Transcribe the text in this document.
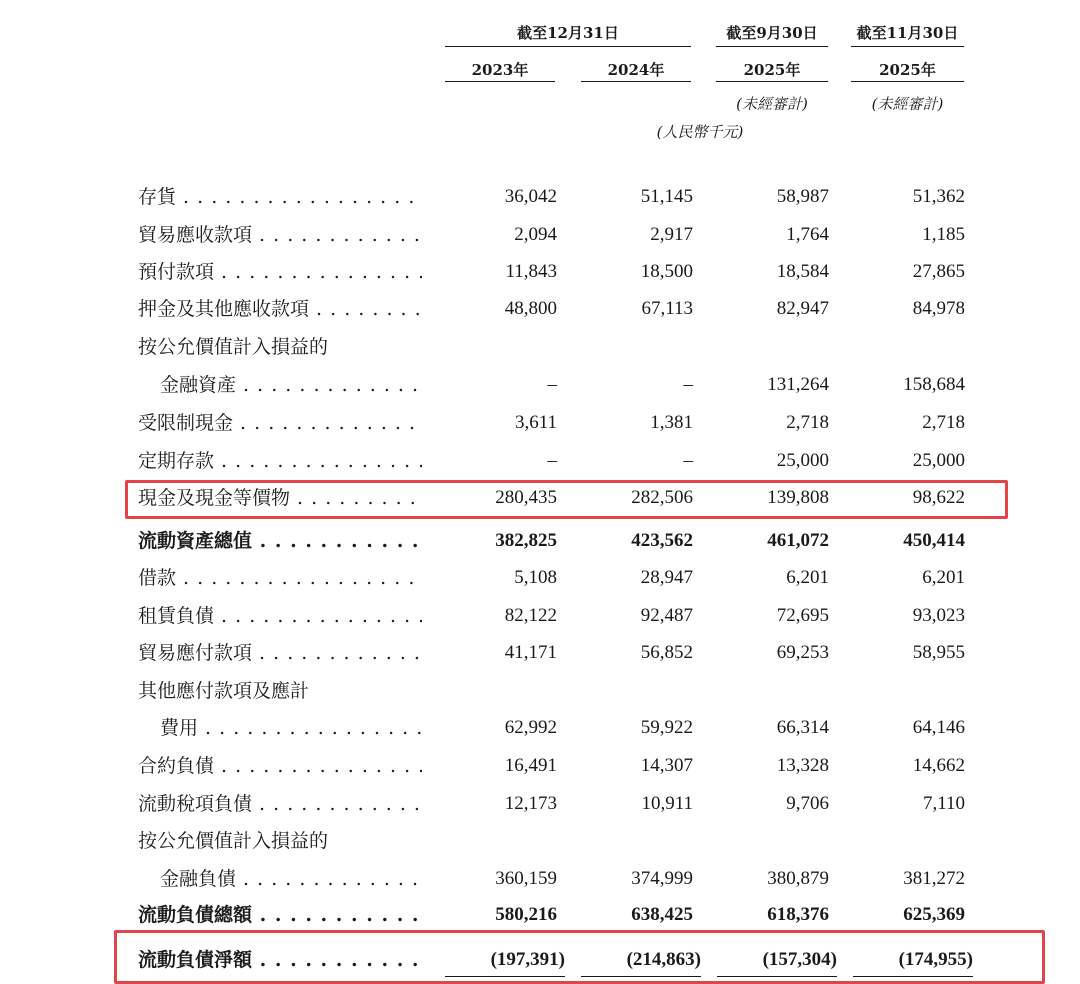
截至12月31日	截至9月30日	截至11月30日
2023年	2024年	2025年	2025年
(未經審計)	(未經審計)
(人民幣千元)
存貨 . . .	36,042	51,145	58,987	51,362
貿易應收款項 . . .	2,094	2,917	1,764	1,185
預付款項 . . .	11,843	18,500	18,584	27,865
押金及其他應收款項 . . .	48,800	67,113	82,947	84,978
按公允價值計入損益的
金融資產 . . .	–	–	131,264	158,684
受限制現金 . . .	3,611	1,381	2,718	2,718
定期存款 . . .	–	–	25,000	25,000
現金及現金等價物 . . .	280,435	282,506	139,808	98,622
流動資產總值 . . .	382,825	423,562	461,072	450,414
借款 . . .	5,108	28,947	6,201	6,201
租賃負債 . . .	82,122	92,487	72,695	93,023
貿易應付款項 . . .	41,171	56,852	69,253	58,955
其他應付款項及應計
費用 . . .	62,992	59,922	66,314	64,146
合約負債 . . .	16,491	14,307	13,328	14,662
流動稅項負債 . . .	12,173	10,911	9,706	7,110
按公允價值計入損益的
金融負債 . . .	360,159	374,999	380,879	381,272
流動負債總額 . . .	580,216	638,425	618,376	625,369
流動負債淨額 . . .	(197,391)	(214,863)	(157,304)	(174,955)
